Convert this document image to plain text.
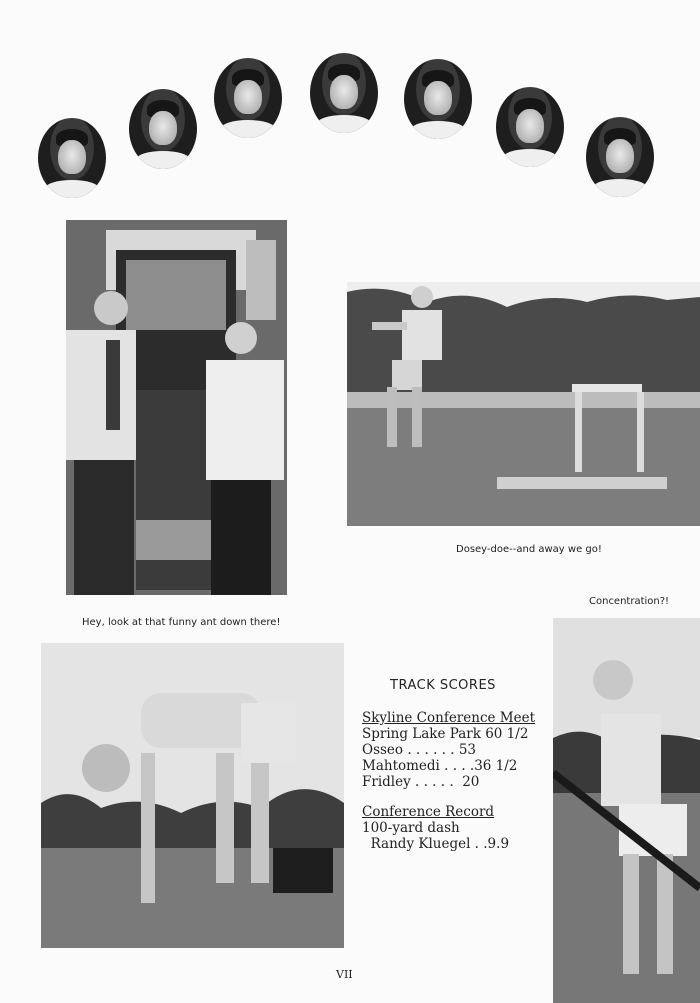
Hey, look at that funny ant down there!
Dosey-doe--and away we go!
Concentration?!
TRACK SCORES
Skyline Conference Meet
Spring Lake Park 60 1/2
Osseo . . . . . . 53
Mahtomedi . . . .36 1/2
Fridley . . . . .  20
Conference Record
100-yard dash
Randy Kluegel . .9.9
VII
